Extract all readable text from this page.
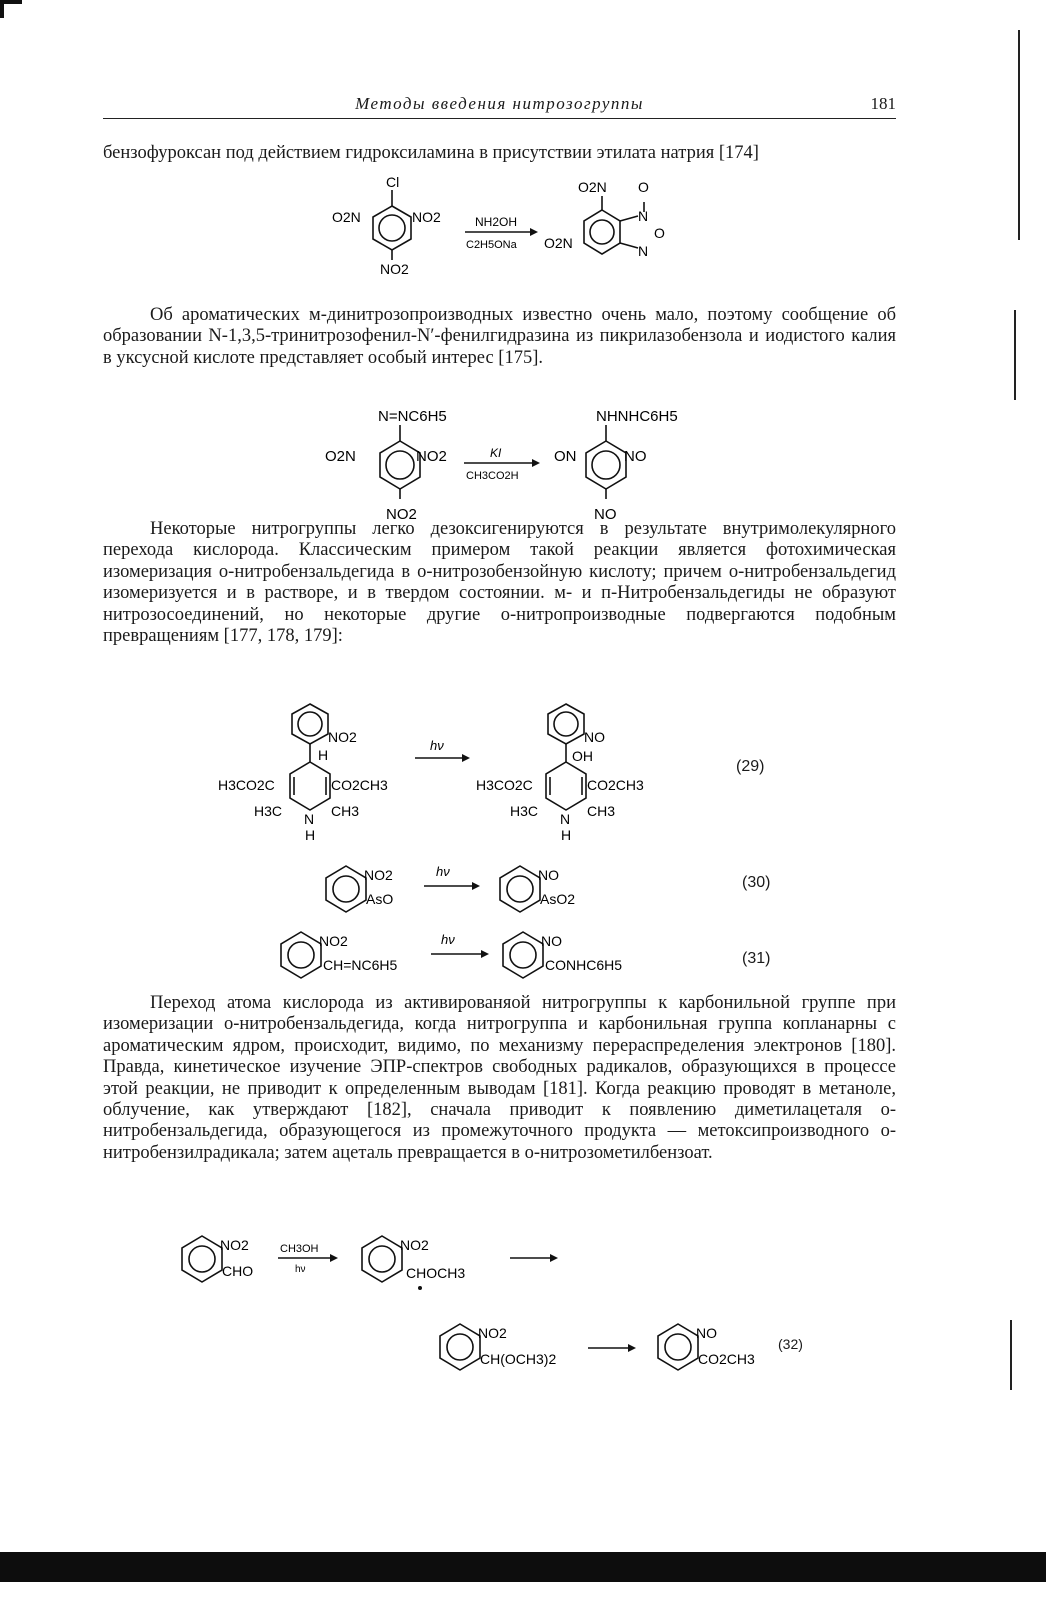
Методы введения нитрозогруппы	181
бензофуроксан под действием гидроксиламина в присутствии этилата натрия [174]
Cl
O2N	NO2
NO2
NH2OH
C2H5ONa
O2N O
N
O
N
O2N
Об ароматических м-динитрозопроизводных известно очень мало, поэтому сообщение об образовании N-1,3,5-тринитрозофенил-N′-фенилгидразина из пикрилазобензола и иодистого калия в уксусной кислоте представляет особый интерес [175].
N=NC6H5
O2N	NO2
NO2
KI
CH3CO2H
NHNHC6H5
ON	NO
NO
Некоторые нитрогруппы легко дезоксигенируются в результате внутримолекулярного перехода кислорода. Классическим примером такой реакции является фотохимическая изомеризация о-нитробензальдегида в о-нитрозобензойную кислоту; причем о-нитробензальдегид изомеризуется и в растворе, и в твердом состоянии. м- и п-Нитробензальдегиды не образуют нитрозосоединений, но некоторые другие о-нитропроизводные подвергаются подобным превращениям [177, 178, 179]:
NO2
H
H3CO2C	CO2CH3
H3C N CH3
H
hν
NO
OH
H3CO2C	CO2CH3
H3C N CH3
H
(29)
NO2
AsO
hν	NO
AsO2
(30)
NO2
CH=NC6H5
hν	NO
CONHC6H5	(31)
Переход атома кислорода из активированяой нитрогруппы к карбонильной группе при изомеризации о-нитробензальдегида, когда нитрогруппа и карбонильная группа копланарны с ароматическим ядром, происходит, видимо, по механизму перераспределения электронов [180]. Правда, кинетическое изучение ЭПР-спектров свободных радикалов, образующихся в процессе этой реакции, не приводит к определенным выводам [181]. Когда реакцию проводят в метаноле, облучение, как утверждают [182], сначала приводит к появлению диметилацеталя о-нитробензальдегида, образующегося из промежуточного продукта — метоксипроизводного о-нитробензилрадикала; затем ацеталь превращается в о-нитрозометилбензоат.
NO2
CHO
CH3OH
hν
NO2
CHOCH3
NO2
CH(OCH3)2
NO
CO2CH3
(32)
